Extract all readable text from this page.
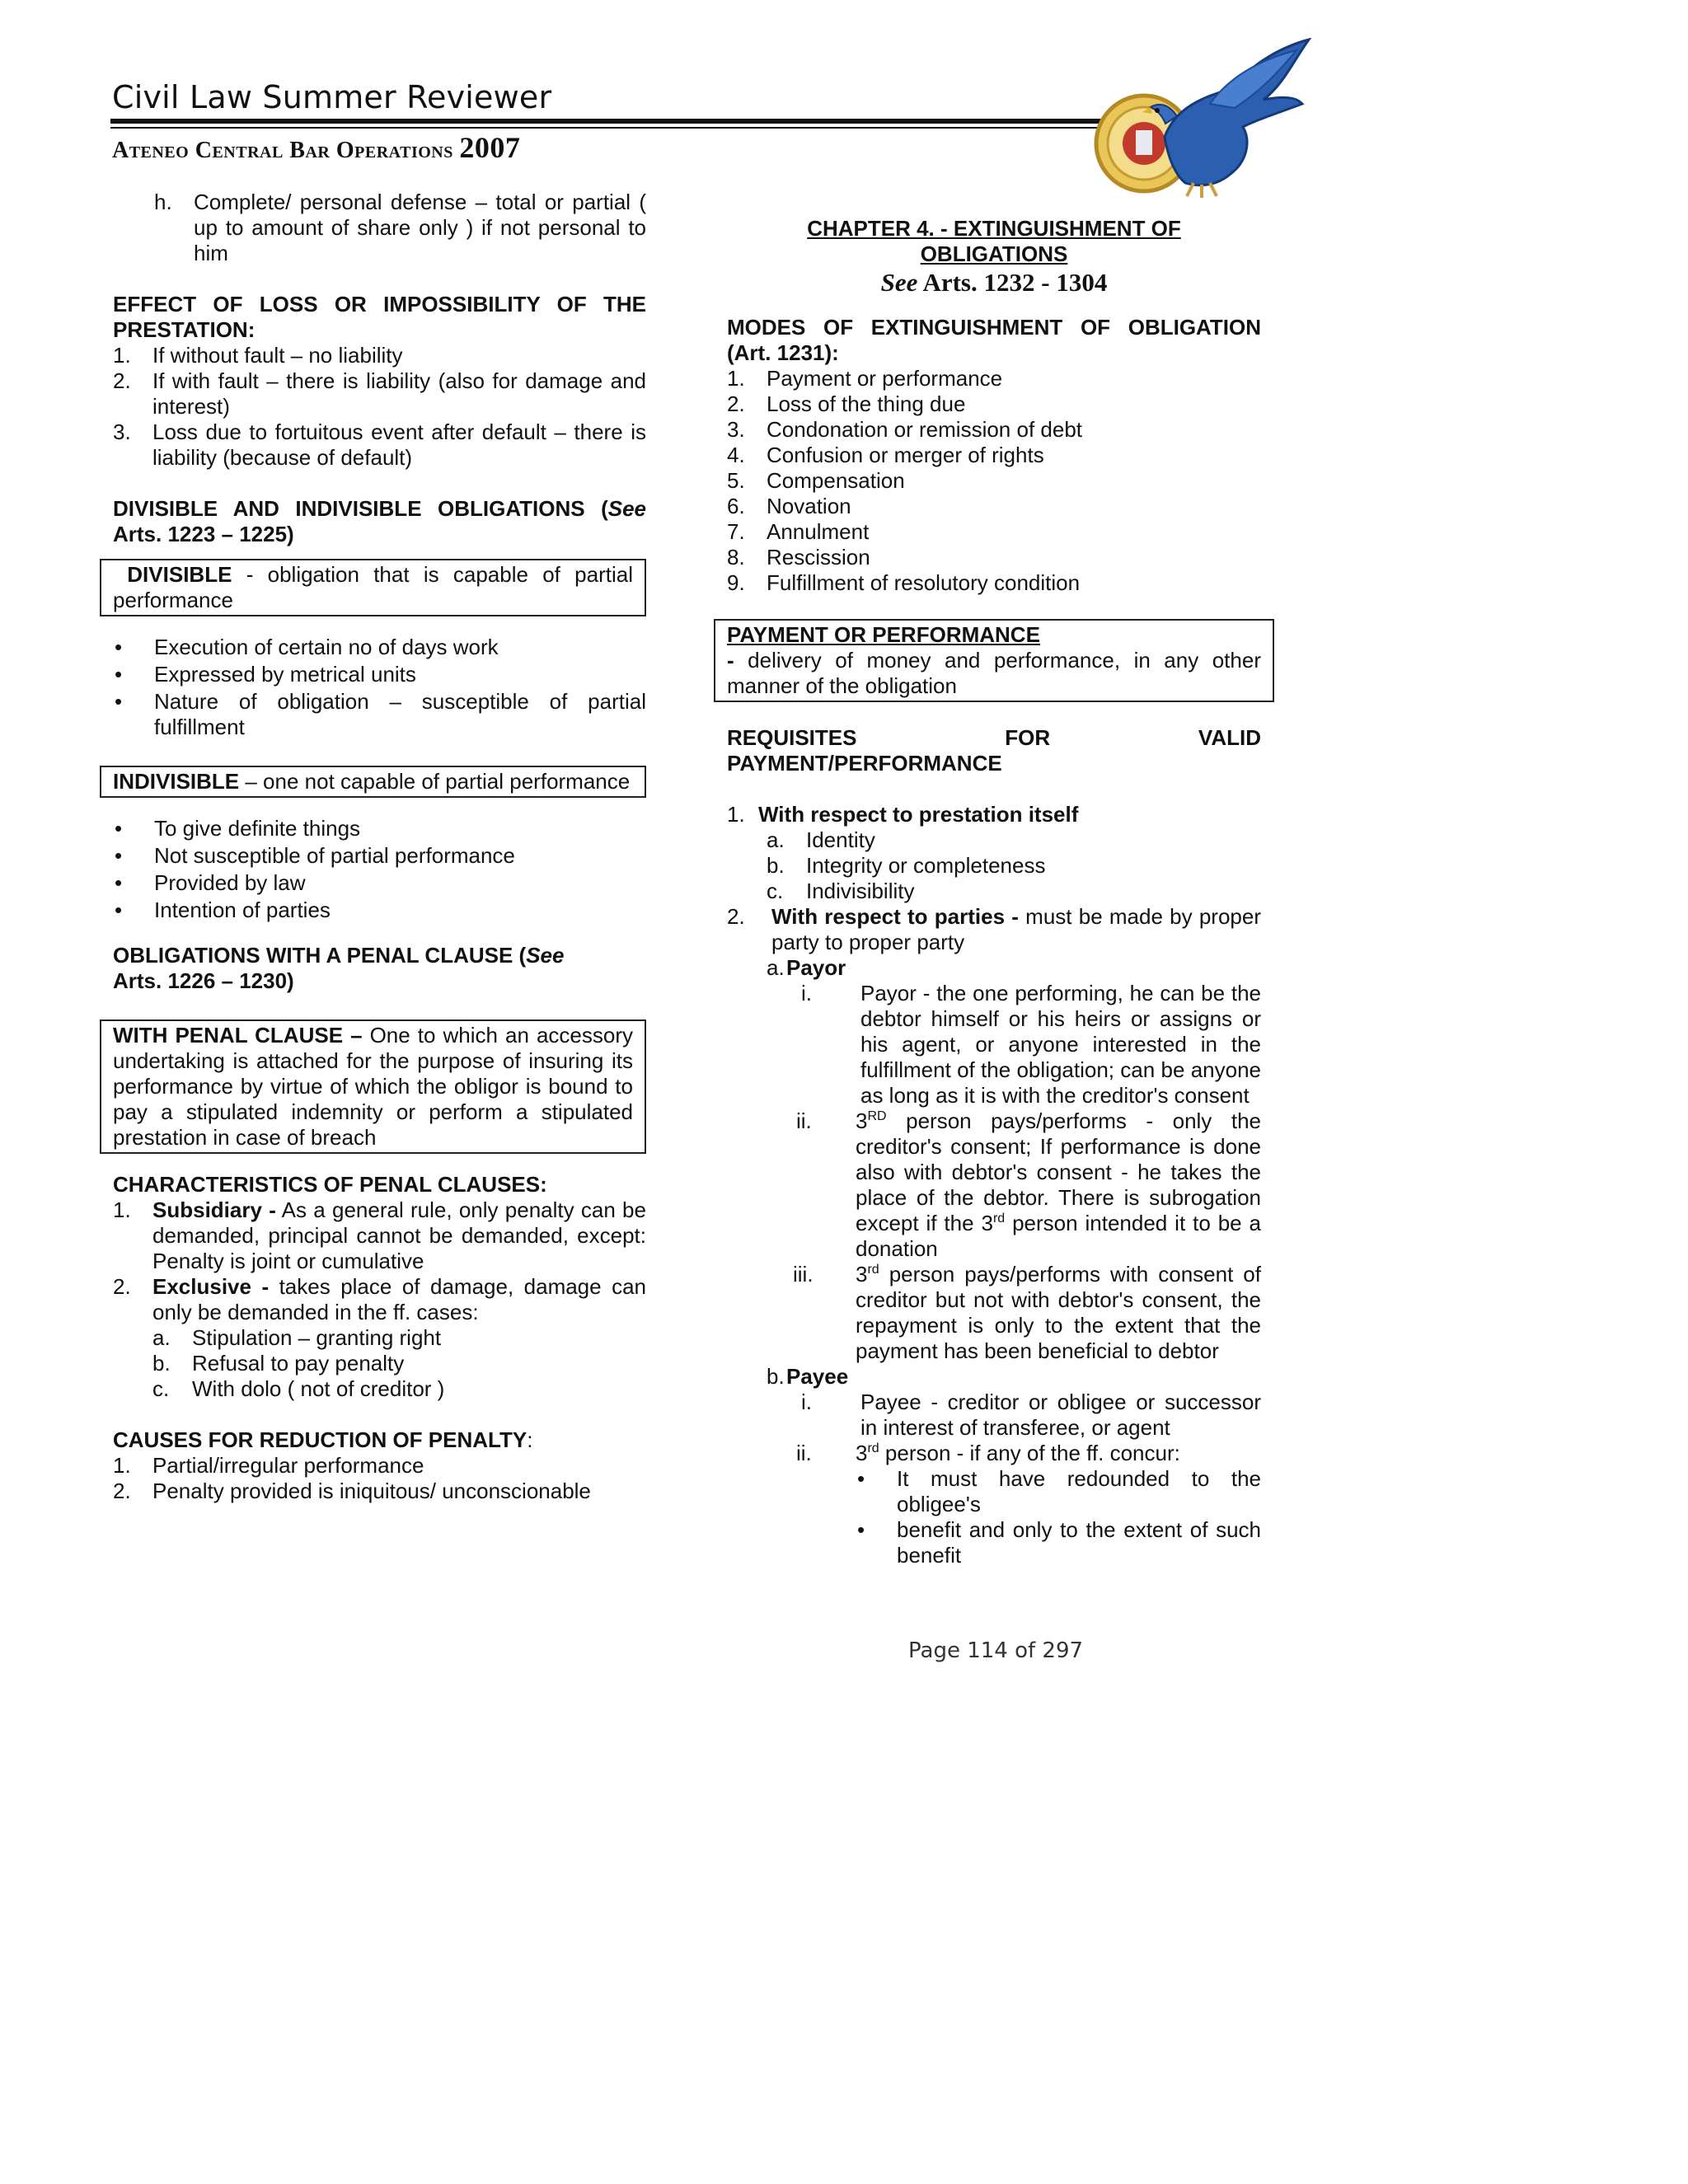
Civil Law Summer Reviewer
Ateneo Central Bar Operations 2007
h.	Complete/ personal defense – total or partial ( up to amount of share only ) if not personal to him

EFFECT OF LOSS OR IMPOSSIBILITY OF THE PRESTATION:

1.	If without fault – no liability
2.	If with fault – there is liability (also for damage and interest)
3.	Loss due to fortuitous event after default – there is liability (because of default)

DIVISIBLE AND INDIVISIBLE OBLIGATIONS (See Arts. 1223 – 1225)

DIVISIBLE - obligation that is capable of partial performance
•	Execution of certain no of days work
•	Expressed by metrical units
•	Nature of obligation – susceptible of partial fulfillment
INDIVISIBLE – one not capable of partial performance
•	To give definite things
•	Not susceptible of partial performance
•	Provided by law
•	Intention of parties

OBLIGATIONS WITH A PENAL CLAUSE (See
Arts. 1226 – 1230)

WITH PENAL CLAUSE – One to which an accessory undertaking is attached for the purpose of insuring its performance by virtue of which the obligor is bound to pay a stipulated indemnity or perform a stipulated prestation in case of breach

CHARACTERISTICS OF PENAL CLAUSES:

1.	Subsidiary - As a general rule, only penalty can be demanded, principal cannot be demanded, except: Penalty is joint or cumulative
2.	Exclusive - takes place of damage, damage can only be demanded in the ff. cases:
a.	Stipulation – granting right
b.	Refusal to pay penalty
c.	With dolo ( not of creditor )

CAUSES FOR REDUCTION OF PENALTY:

1.	Partial/irregular performance
2.	Penalty provided is iniquitous/ unconscionable

CHAPTER 4. - EXTINGUISHMENT OF

OBLIGATIONS

See Arts. 1232 - 1304

MODES OF EXTINGUISHMENT OF OBLIGATION (Art. 1231):

1.	Payment or performance
2.	Loss of the thing due
3.	Condonation or remission of debt
4.	Confusion or merger of rights
5.	Compensation
6.	Novation
7.	Annulment
8.	Rescission
9.	Fulfillment of resolutory condition

PAYMENT OR PERFORMANCE

- delivery of money and performance, in any other manner of the obligation

REQUISITES	FOR	VALID

PAYMENT/PERFORMANCE

1. With respect to prestation itself
a.	Identity
b.	Integrity or completeness
c.	Indivisibility
2.	With respect to parties - must be made by proper party to proper party
a. Payor
i.	Payor - the one performing, he can be the debtor himself or his heirs or assigns or his agent, or anyone interested in the fulfillment of the obligation; can be anyone as long as it is with the creditor's consent
ii.	3RD person pays/performs - only the creditor's consent; If performance is done also with debtor's consent - he takes the place of the debtor. There is subrogation except if the 3rd person intended it to be a donation
iii.	3rd person pays/performs with consent of creditor but not with debtor's consent, the repayment is only to the extent that the payment has been beneficial to debtor
b. Payee
i.	Payee - creditor or obligee or successor in interest of transferee, or agent
ii.	3rd person - if any of the ff. concur:
•	It must have redounded to the obligee's
•	benefit and only to the extent of such benefit
Page 114 of 297
